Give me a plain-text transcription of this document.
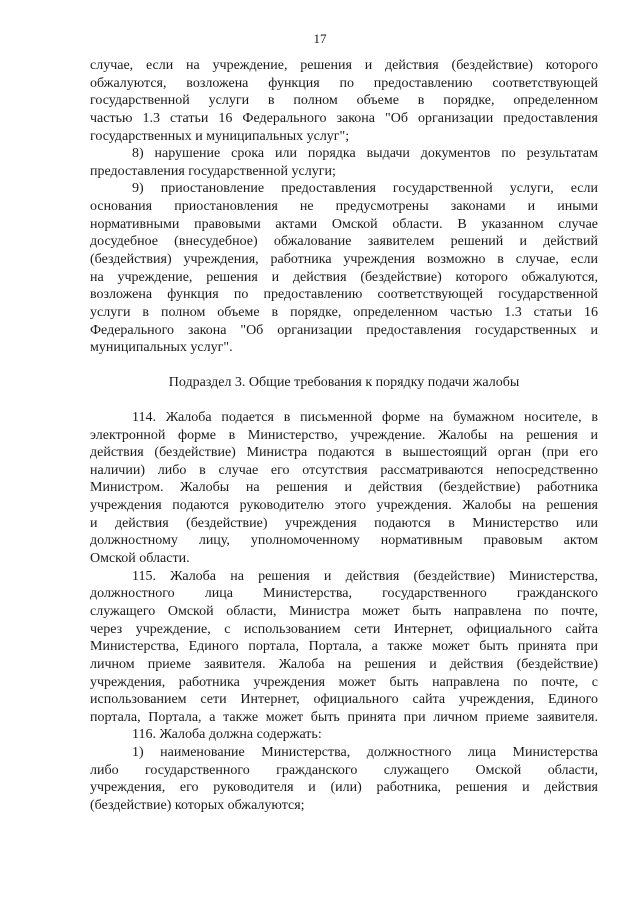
17
случае, если на учреждение, решения и действия (бездействие) которого
обжалуются, возложена функция по предоставлению соответствующей
государственной услуги в полном объеме в порядке, определенном
частью 1.3 статьи 16 Федерального закона "Об организации предоставления
государственных и муниципальных услуг";
8) нарушение срока или порядка выдачи документов по результатам
предоставления государственной услуги;
9) приостановление предоставления государственной услуги, если
основания приостановления не предусмотрены законами и иными
нормативными правовыми актами Омской области. В указанном случае
досудебное (внесудебное) обжалование заявителем решений и действий
(бездействия) учреждения, работника учреждения возможно в случае, если
на учреждение, решения и действия (бездействие) которого обжалуются,
возложена функция по предоставлению соответствующей государственной
услуги в полном объеме в порядке, определенном частью 1.3 статьи 16
Федерального закона "Об организации предоставления государственных и
муниципальных услуг".
Подраздел 3. Общие требования к порядку подачи жалобы
114. Жалоба подается в письменной форме на бумажном носителе, в
электронной форме в Министерство, учреждение. Жалобы на решения и
действия (бездействие) Министра подаются в вышестоящий орган (при его
наличии) либо в случае его отсутствия рассматриваются непосредственно
Министром. Жалобы на решения и действия (бездействие) работника
учреждения подаются руководителю этого учреждения. Жалобы на решения
и действия (бездействие) учреждения подаются в Министерство или
должностному лицу, уполномоченному нормативным правовым актом
Омской области.
115. Жалоба на решения и действия (бездействие) Министерства,
должностного лица Министерства, государственного гражданского
служащего Омской области, Министра может быть направлена по почте,
через учреждение, с использованием сети Интернет, официального сайта
Министерства, Единого портала, Портала, а также может быть принята при
личном приеме заявителя. Жалоба на решения и действия (бездействие)
учреждения, работника учреждения может быть направлена по почте, с
использованием сети Интернет, официального сайта учреждения, Единого
портала, Портала, а также может быть принята при личном приеме заявителя.
116. Жалоба должна содержать:
1) наименование Министерства, должностного лица Министерства
либо государственного гражданского служащего Омской области,
учреждения, его руководителя и (или) работника, решения и действия
(бездействие) которых обжалуются;
